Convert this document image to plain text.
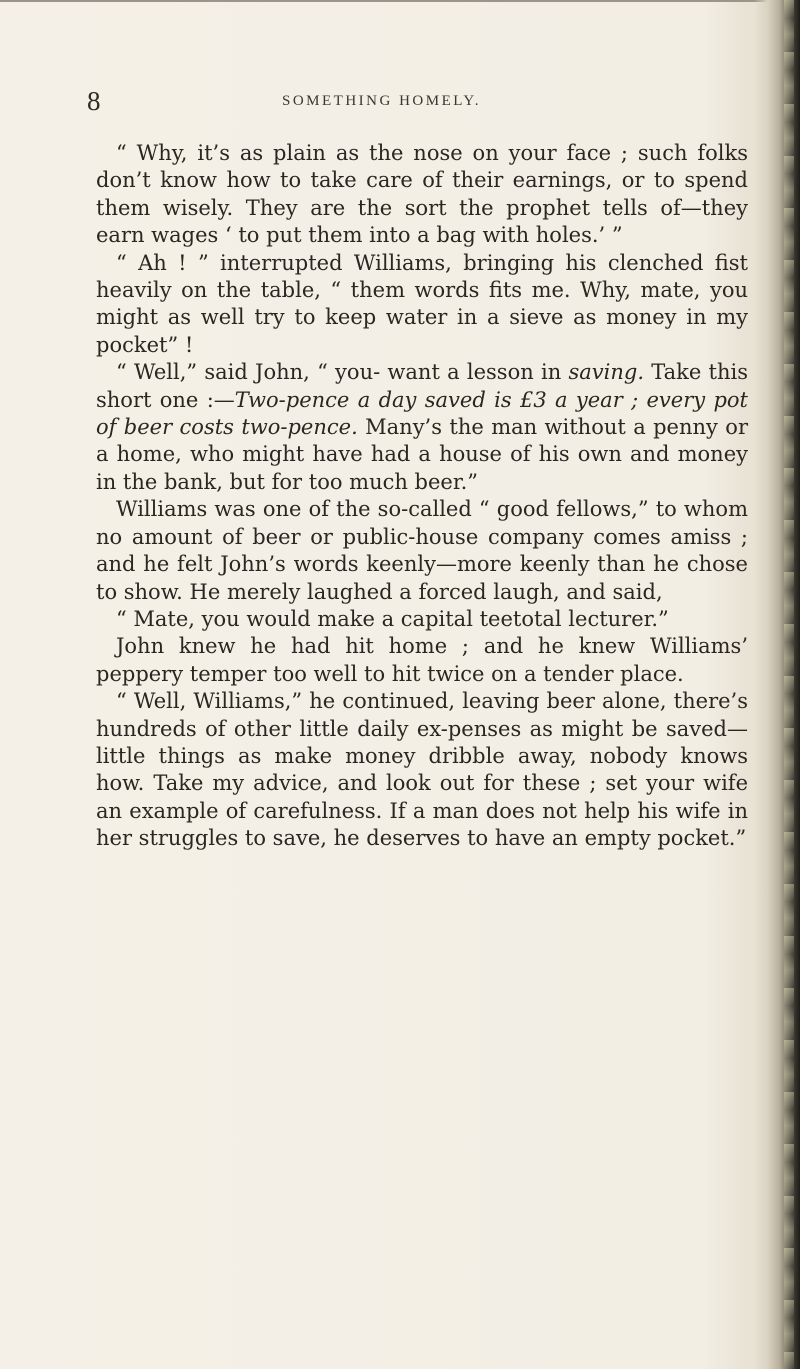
8	SOMETHING HOMELY.

“ Why, it’s as plain as the nose on your face ; such folks don’t know how to take care of their earnings, or to spend them wisely. They are the sort the prophet tells of—they earn wages ‘ to put them into a bag with holes.’ ”

“ Ah ! ” interrupted Williams, bringing his clenched fist heavily on the table, “ them words fits me. Why, mate, you might as well try to keep water in a sieve as money in my pocket” !

“ Well,” said John, “ you- want a lesson in saving. Take this short one :—Two-pence a day saved is £3 a year ; every pot of beer costs two-pence. Many’s the man without a penny or a home, who might have had a house of his own and money in the bank, but for too much beer.”

Williams was one of the so-called “ good fellows,” to whom no amount of beer or public-house company comes amiss ; and he felt John’s words keenly—more keenly than he chose to show. He merely laughed a forced laugh, and said,

“ Mate, you would make a capital teetotal lecturer.”

John knew he had hit home ; and he knew Williams’ peppery temper too well to hit twice on a tender place.

“ Well, Williams,” he continued, leaving beer alone, there’s hundreds of other little daily ex-penses as might be saved—little things as make money dribble away, nobody knows how. Take my advice, and look out for these ; set your wife an example of carefulness. If a man does not help his wife in her struggles to save, he deserves to have an empty pocket.”
